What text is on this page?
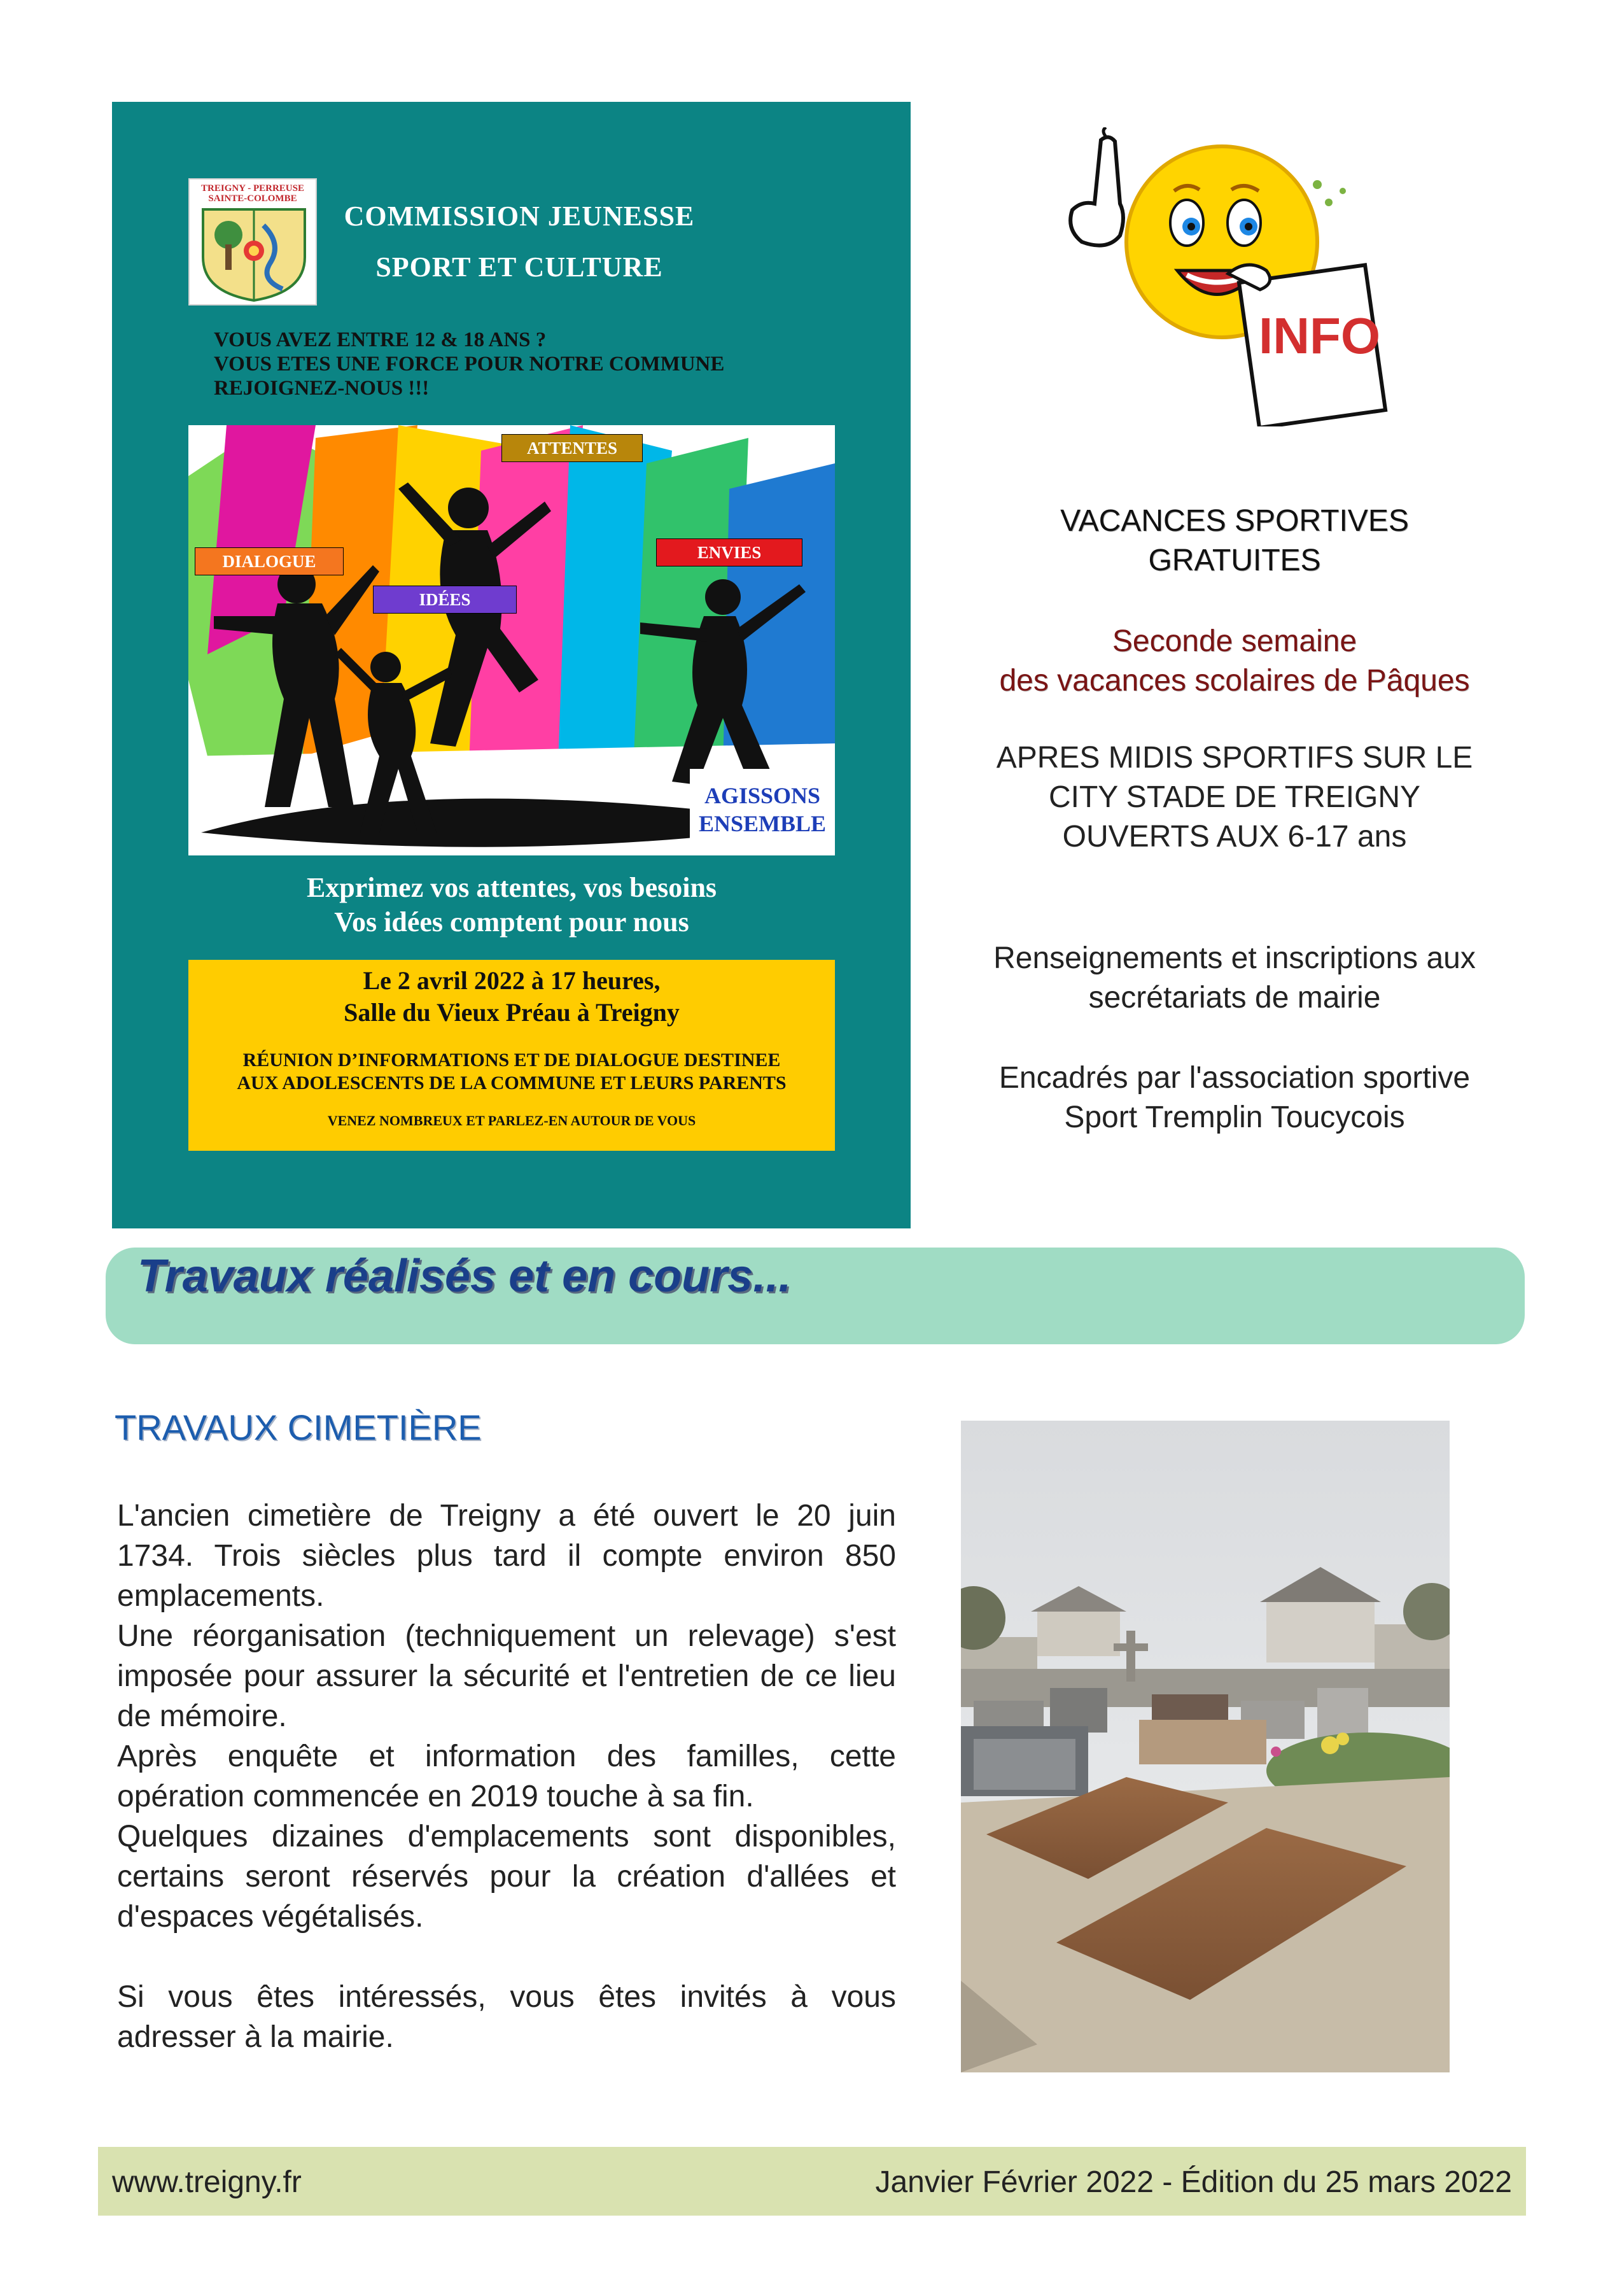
TREIGNY - PERREUSE SAINTE-COLOMBE
COMMISSION JEUNESSE
SPORT ET CULTURE
VOUS AVEZ ENTRE 12 & 18 ANS ?
VOUS ETES UNE FORCE POUR NOTRE COMMUNE
REJOIGNEZ-NOUS !!!
ATTENTES
DIALOGUE	ENVIES
IDÉES
AGISSONS
ENSEMBLE
Exprimez vos attentes, vos besoins
Vos idées comptent pour nous
Le 2 avril 2022 à 17 heures,
Salle du Vieux Préau à Treigny
RÉUNION D’INFORMATIONS ET DE DIALOGUE DESTINEE
AUX ADOLESCENTS DE LA COMMUNE ET LEURS PARENTS
VENEZ NOMBREUX ET PARLEZ-EN AUTOUR DE VOUS
INFO
VACANCES SPORTIVES
GRATUITES
Seconde semaine
des vacances scolaires de Pâques
APRES MIDIS SPORTIFS SUR LE
CITY STADE DE TREIGNY
OUVERTS AUX 6-17 ans
Renseignements et inscriptions aux
secrétariats de mairie
Encadrés par l'association sportive
Sport Tremplin Toucycois
Travaux réalisés et en cours...
TRAVAUX CIMETIÈRE

L'ancien cimetière de Treigny a été ouvert le 20 juin 1734. Trois siècles plus tard il compte environ 850 emplacements.

Une réorganisation (techniquement un relevage) s'est imposée pour assurer la sécurité et l'entretien de ce lieu de mémoire.

Après enquête et information des familles, cette opération commencée en 2019 touche à sa fin.

Quelques dizaines d'emplacements sont disponibles, certains seront réservés pour la création d'allées et d'espaces végétalisés.

Si vous êtes intéressés, vous êtes invités à vous adresser à la mairie.

www.treigny.fr	Janvier Février 2022 - Édition du 25 mars 2022
